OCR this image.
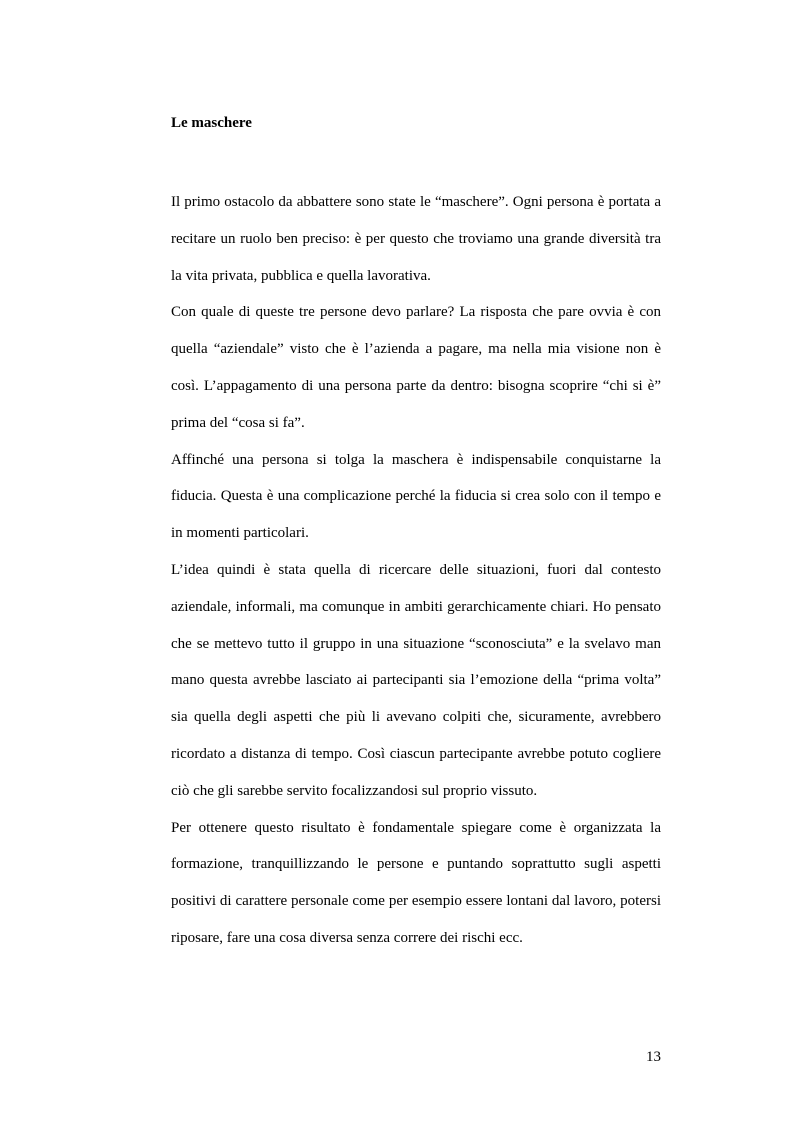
Le maschere

Il primo ostacolo da abbattere sono state le “maschere”. Ogni persona è portata a recitare un ruolo ben preciso: è per questo che troviamo una grande diversità tra la vita privata, pubblica e quella lavorativa.

Con quale di queste tre persone devo parlare? La risposta che pare ovvia è con quella “aziendale” visto che è l’azienda a pagare, ma nella mia visione non è così. L’appagamento di una persona parte da dentro: bisogna scoprire “chi si è” prima del “cosa si fa”.

Affinché una persona si tolga la maschera è indispensabile conquistarne la fiducia. Questa è una complicazione perché la fiducia si crea solo con il tempo e in momenti particolari.

L’idea quindi è stata quella di ricercare delle situazioni, fuori dal contesto aziendale, informali, ma comunque in ambiti gerarchicamente chiari. Ho pensato che se mettevo tutto il gruppo in una situazione “sconosciuta” e la svelavo man mano questa avrebbe lasciato ai partecipanti sia l’emozione della “prima volta” sia quella degli aspetti che più li avevano colpiti che, sicuramente, avrebbero ricordato a distanza di tempo. Così ciascun partecipante avrebbe potuto cogliere ciò che gli sarebbe servito focalizzandosi sul proprio vissuto.

Per ottenere questo risultato è fondamentale spiegare come è organizzata la formazione, tranquillizzando le persone e puntando soprattutto sugli aspetti positivi di carattere personale come per esempio essere lontani dal lavoro, potersi riposare, fare una cosa diversa senza correre dei rischi ecc.

13
